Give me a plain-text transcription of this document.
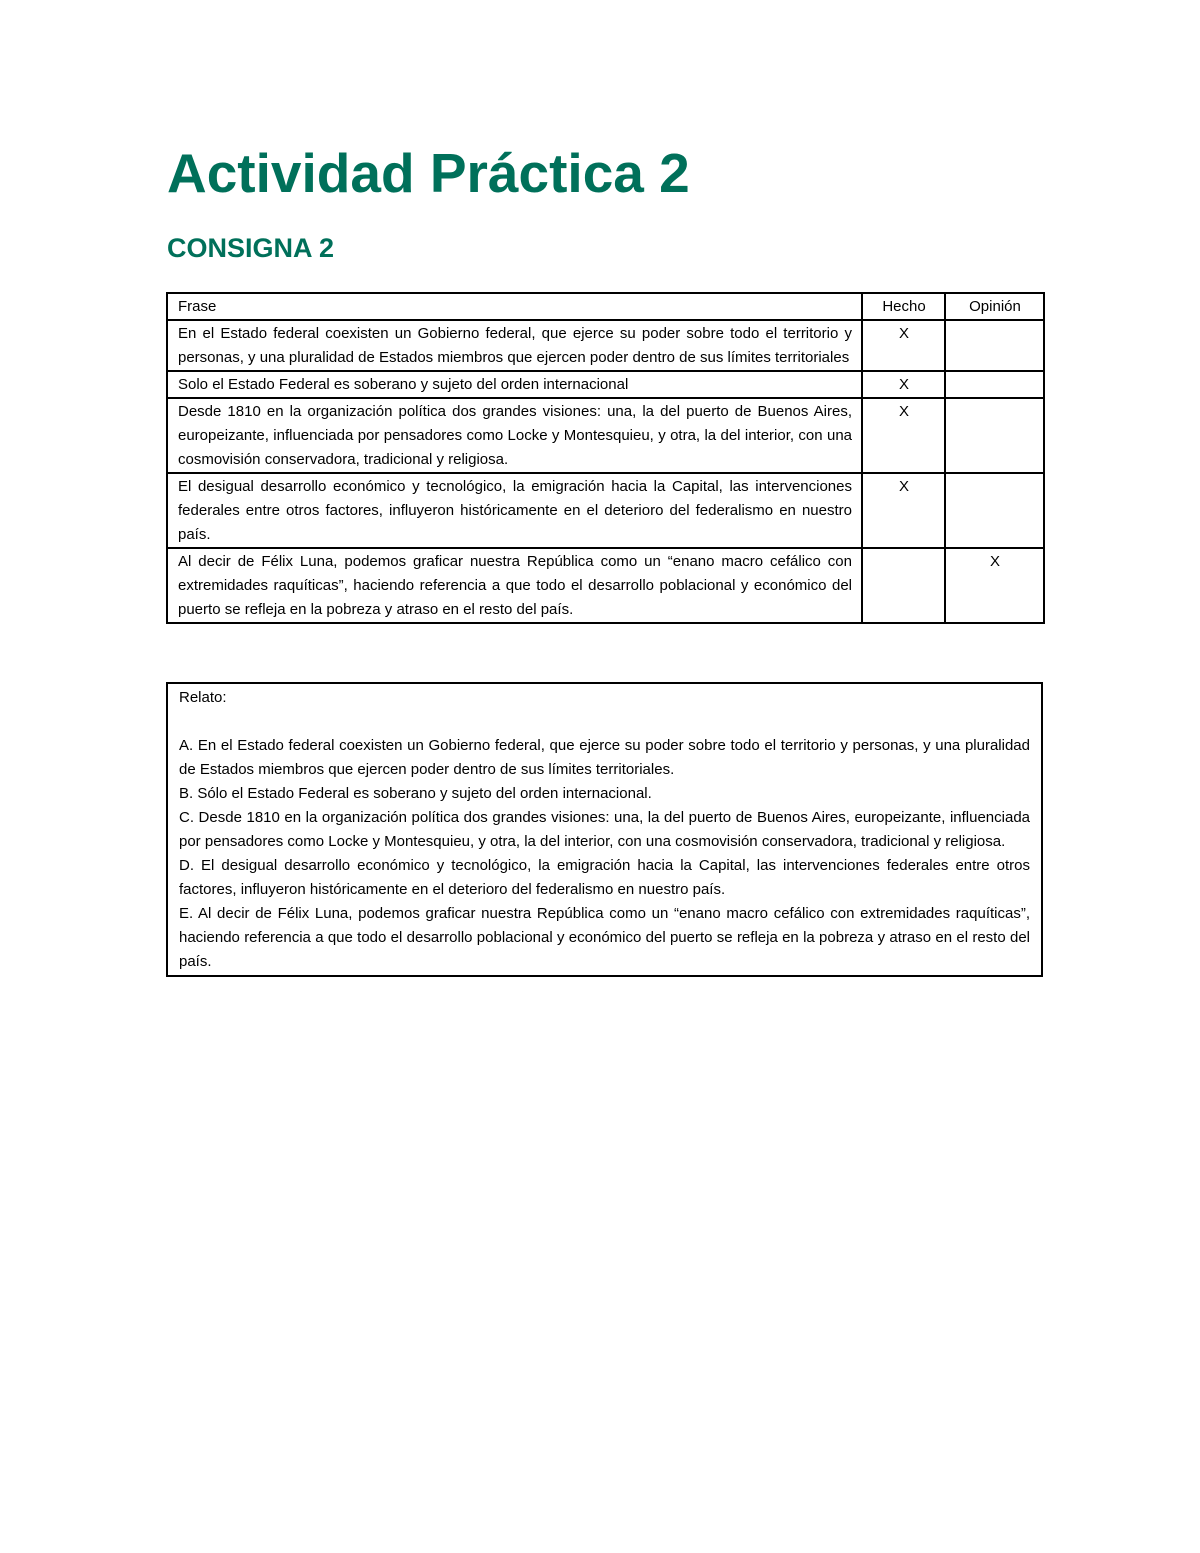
Actividad Práctica 2
CONSIGNA 2
Frase	Hecho	Opinión
En el Estado federal coexisten un Gobierno federal, que ejerce su poder sobre todo el territorio y personas, y una pluralidad de Estados miembros que ejercen poder dentro de sus límites territoriales	X	
Solo el Estado Federal es soberano y sujeto del orden internacional	X	
Desde 1810 en la organización política dos grandes visiones: una, la del puerto de Buenos Aires, europeizante, influenciada por pensadores como Locke y Montesquieu, y otra, la del interior, con una cosmovisión conservadora, tradicional y religiosa.	X	
El desigual desarrollo económico y tecnológico, la emigración hacia la Capital, las intervenciones federales entre otros factores, influyeron históricamente en el deterioro del federalismo en nuestro país.	X	
Al decir de Félix Luna, podemos graficar nuestra República como un “enano macro cefálico con extremidades raquíticas”, haciendo referencia a que todo el desarrollo poblacional y económico del puerto se refleja en la pobreza y atraso en el resto del país.		X

Relato:

A. En el Estado federal coexisten un Gobierno federal, que ejerce su poder sobre todo el territorio y personas, y una pluralidad de Estados miembros que ejercen poder dentro de sus límites territoriales.

B. Sólo el Estado Federal es soberano y sujeto del orden internacional.

C. Desde 1810 en la organización política dos grandes visiones: una, la del puerto de Buenos Aires, europeizante, influenciada por pensadores como Locke y Montesquieu, y otra, la del interior, con una cosmovisión conservadora, tradicional y religiosa.

D. El desigual desarrollo económico y tecnológico, la emigración hacia la Capital, las intervenciones federales entre otros factores, influyeron históricamente en el deterioro del federalismo en nuestro país.

E. Al decir de Félix Luna, podemos graficar nuestra República como un “enano macro cefálico con extremidades raquíticas”, haciendo referencia a que todo el desarrollo poblacional y económico del puerto se refleja en la pobreza y atraso en el resto del país.
